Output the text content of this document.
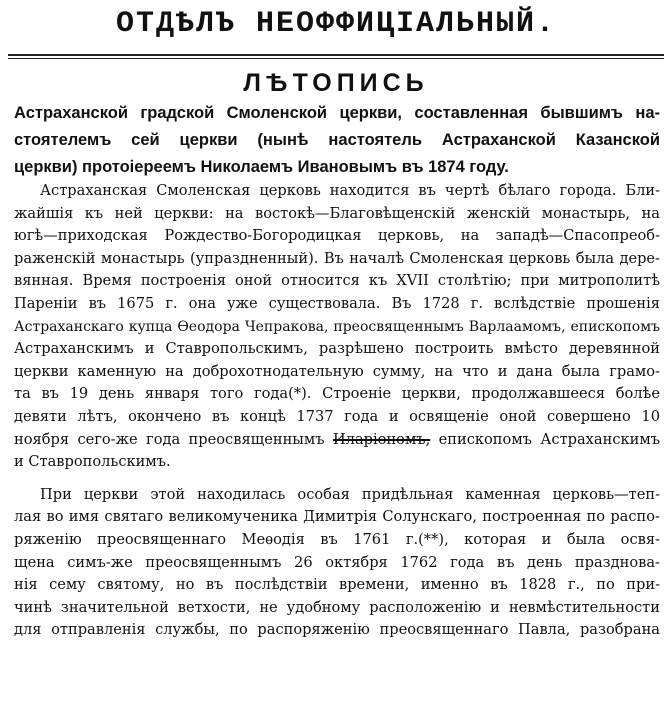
ОТДѢЛЪ НЕОФФИЦІАЛЬНЫЙ.
ЛѢТОПИСЬ
Астраханской градской Смоленской церкви, составленная бывшимъ на-
стоятелемъ сей церкви (нынѣ настоятель Астраханской Казанской
церкви) протоіереемъ Николаемъ Ивановымъ въ 1874 году.
Астраханская Смоленская церковь находится въ чертѣ бѣлаго города. Бли-
жайшія къ ней церкви: на востокѣ—Благовѣщенскій женскій монастырь, на
югѣ—приходская Рождество-Богородицкая церковь, на западѣ—Спасопреоб-
раженскій монастырь (упраздненный). Въ началѣ Смоленская церковь была дере-
вянная. Время построенія оной относится къ XVII столѣтію; при митрополитѣ
Пареніи въ 1675 г. она уже существовала. Въ 1728 г. вслѣдствіе прошенія
Астраханскаго купца Өеодора Чепракова, преосвященнымъ Варлаамомъ, епископомъ
Астраханскимъ и Ставропольскимъ, разрѣшено построить вмѣсто деревянной
церкви каменную на доброхотнодательную сумму, на что и дана была грамо-
та въ 19 день января того года(*). Строеніе церкви, продолжавшееся болѣе
девяти лѣтъ, окончено въ концѣ 1737 года и освященіе оной совершено 10
ноября сего-же года преосвященнымъ Иларіономъ, епископомъ Астраханскимъ
и Ставропольскимъ.
При церкви этой находилась особая придѣльная каменная церковь—теп-
лая во имя святаго великомученика Димитрія Солунскаго, построенная по распо-
ряженію преосвященнаго Меѳодія въ 1761 г.(**), которая и была освя-
щена симъ-же преосвященнымъ 26 октября 1762 года въ день празднова-
нія сему святому, но въ послѣдствіи времени, именно въ 1828 г., по при-
чинѣ значительной ветхости, не удобному расположенію и невмѣстительности
для отправленія службы, по распоряженію преосвященнаго Павла, разобрана
